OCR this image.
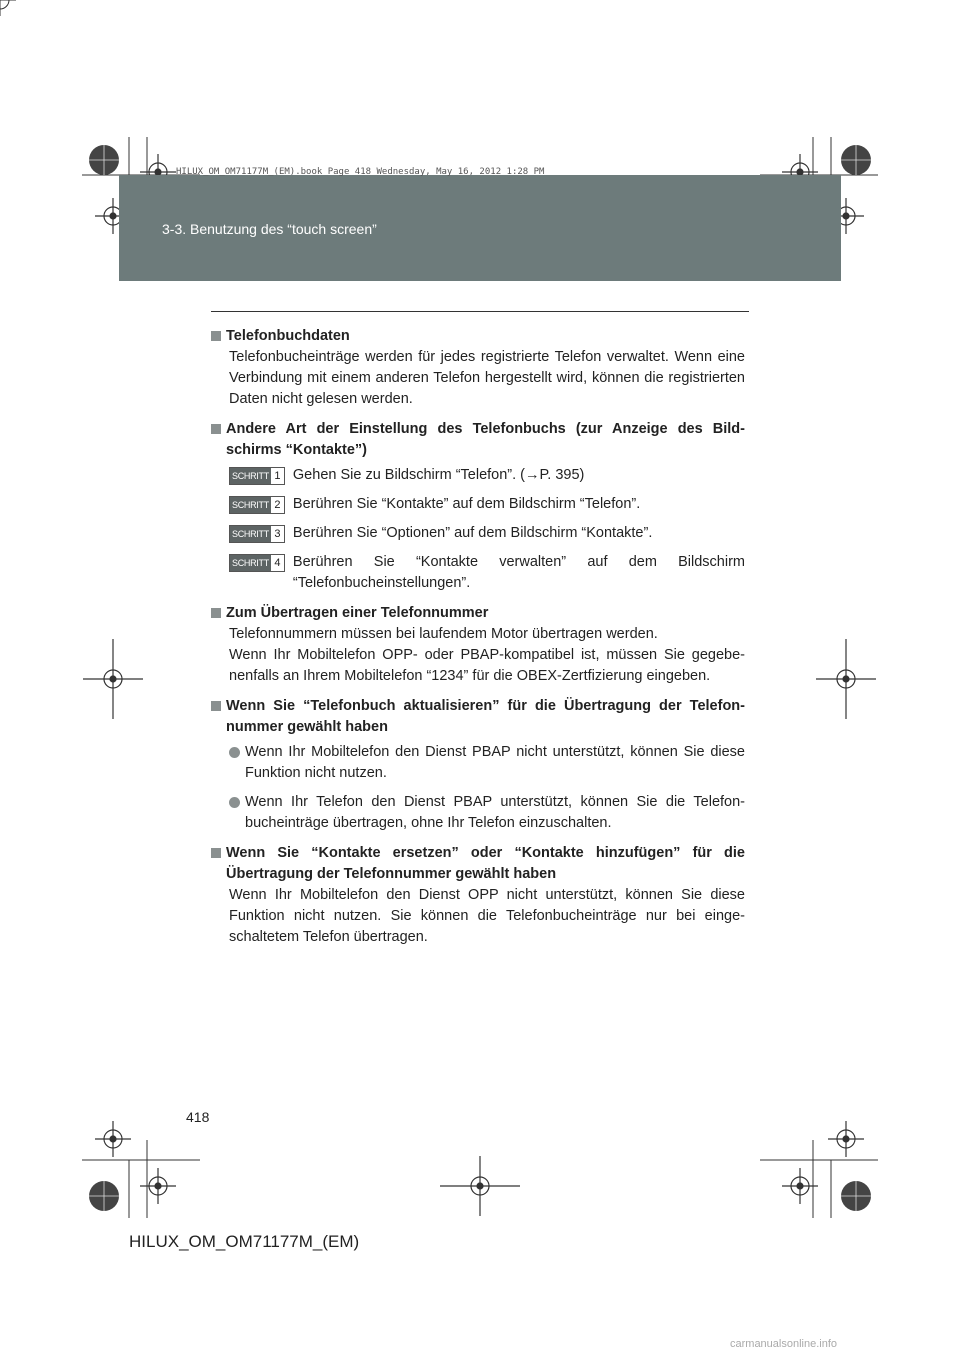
3-3. Benutzung des “touch screen”
HILUX_OM_OM71177M_(EM).book Page 418 Wednesday, May 16, 2012 1:28 PM
Telefonbuchdaten
Telefonbucheinträge werden für jedes registrierte Telefon verwaltet. Wenn eine Verbindung mit einem anderen Telefon hergestellt wird, können die registrierten Daten nicht gelesen werden.
Andere Art der Einstellung des Telefonbuchs (zur Anzeige des Bild-schirms “Kontakte”)
SCHRITT 1 Gehen Sie zu Bildschirm “Telefon”. (→P. 395)
SCHRITT 2 Berühren Sie “Kontakte” auf dem Bildschirm “Telefon”.
SCHRITT 3 Berühren Sie “Optionen” auf dem Bildschirm “Kontakte”.
SCHRITT 4 Berühren Sie “Kontakte verwalten” auf dem Bildschirm “Telefonbucheinstellungen”.
Zum Übertragen einer Telefonnummer
Telefonnummern müssen bei laufendem Motor übertragen werden.
Wenn Ihr Mobiltelefon OPP- oder PBAP-kompatibel ist, müssen Sie gegebe-nenfalls an Ihrem Mobiltelefon “1234” für die OBEX-Zertfizierung eingeben.
Wenn Sie “Telefonbuch aktualisieren” für die Übertragung der Telefon-nummer gewählt haben
Wenn Ihr Mobiltelefon den Dienst PBAP nicht unterstützt, können Sie diese Funktion nicht nutzen.
Wenn Ihr Telefon den Dienst PBAP unterstützt, können Sie die Telefon-bucheinträge übertragen, ohne Ihr Telefon einzuschalten.
Wenn Sie “Kontakte ersetzen” oder “Kontakte hinzufügen” für die Übertragung der Telefonnummer gewählt haben
Wenn Ihr Mobiltelefon den Dienst OPP nicht unterstützt, können Sie diese Funktion nicht nutzen. Sie können die Telefonbucheinträge nur bei einge-schaltetem Telefon übertragen.
418
HILUX_OM_OM71177M_(EM)
carmanualsonline.info
